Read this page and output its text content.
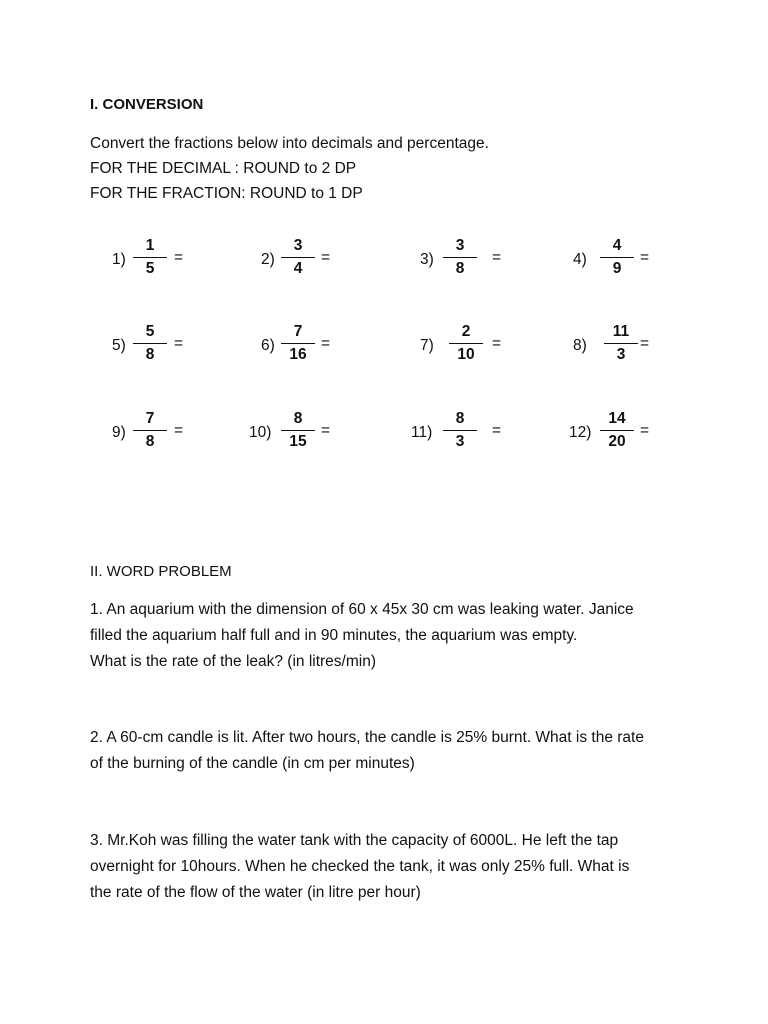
I. CONVERSION
Convert the fractions below into decimals and percentage.
FOR THE DECIMAL : ROUND to 2 DP
FOR THE FRACTION: ROUND to 1 DP
1)
1
5
=	2)
3
4
=	3)
3
8
=	4)
4
9
=
5)
5
8
=	6)
7
16
=	7)
2
10
=	8)
11
3
=
9)
7
8
=	10)
8
15
=	11)
8
3
=	12)
14
20
=
II. WORD PROBLEM
1. An aquarium with the dimension of 60 x 45x 30 cm was leaking water. Janice
filled the aquarium half full and in 90 minutes, the aquarium was empty.
What is the rate of the leak? (in litres/min)
2. A 60-cm candle is lit. After two hours, the candle is 25% burnt. What is the rate
of the burning of the candle (in cm per minutes)
3. Mr.Koh was filling the water tank with the capacity of 6000L. He left the tap
overnight for 10hours. When he checked the tank, it was only 25% full. What is
the rate of the flow of the water (in litre per hour)
